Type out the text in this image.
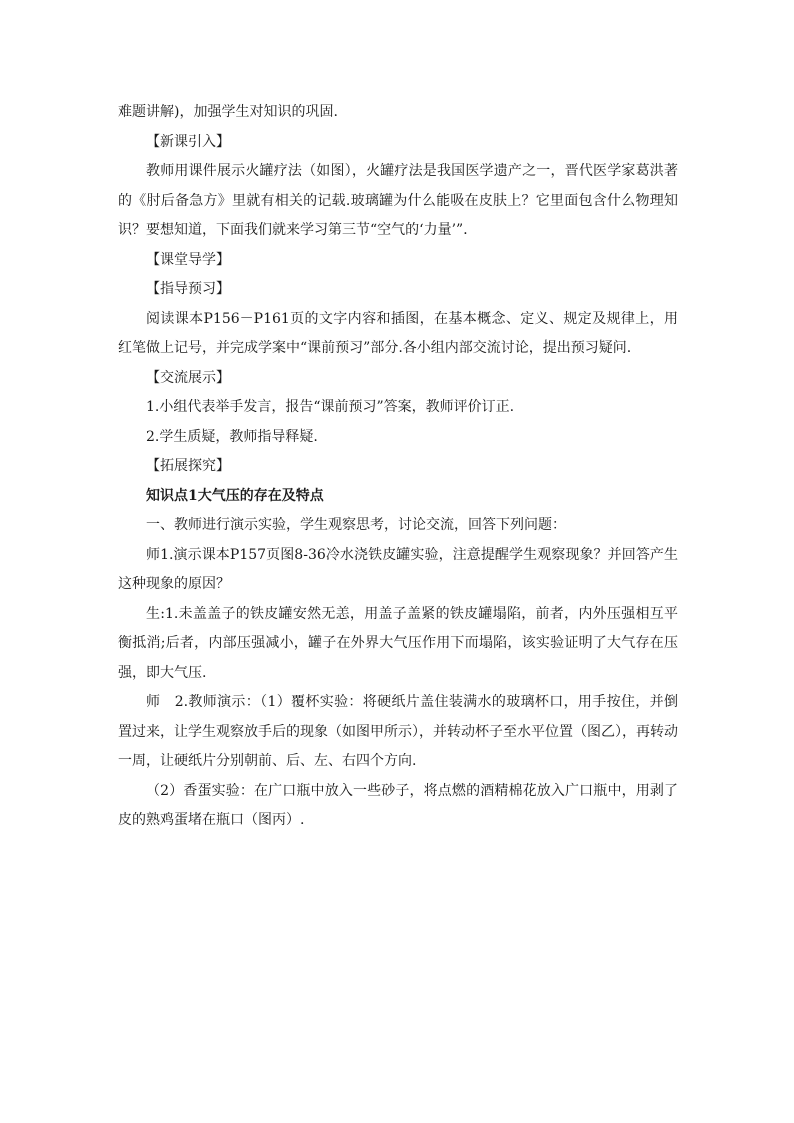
难题讲解)，加强学生对知识的巩固.

【新课引入】

教师用课件展示火罐疗法（如图），火罐疗法是我国医学遗产之一，晋代医学家葛洪著的《肘后备急方》里就有相关的记载.玻璃罐为什么能吸在皮肤上？它里面包含什么物理知识？要想知道，下面我们就来学习第三节“空气的‘力量’”．

【课堂导学】

【指导预习】

阅读课本P156－P161页的文字内容和插图，在基本概念、定义、规定及规律上，用红笔做上记号，并完成学案中“课前预习”部分.各小组内部交流讨论，提出预习疑问.

【交流展示】

1.小组代表举手发言，报告“课前预习”答案，教师评价订正.

2.学生质疑，教师指导释疑.

【拓展探究】

知识点1大气压的存在及特点

一、教师进行演示实验，学生观察思考，讨论交流，回答下列问题：

师1.演示课本P157页图8-36冷水浇铁皮罐实验，注意提醒学生观察现象？并回答产生这种现象的原因？

生:1.未盖盖子的铁皮罐安然无恙，用盖子盖紧的铁皮罐塌陷，前者，内外压强相互平衡抵消;后者，内部压强减小，罐子在外界大气压作用下而塌陷，该实验证明了大气存在压强，即大气压.

师　2.教师演示：（1）覆杯实验：将硬纸片盖住装满水的玻璃杯口，用手按住，并倒置过来，让学生观察放手后的现象（如图甲所示），并转动杯子至水平位置（图乙），再转动一周，让硬纸片分别朝前、后、左、右四个方向.

（2）香蛋实验：在广口瓶中放入一些砂子，将点燃的酒精棉花放入广口瓶中，用剥了皮的熟鸡蛋堵在瓶口（图丙）.
